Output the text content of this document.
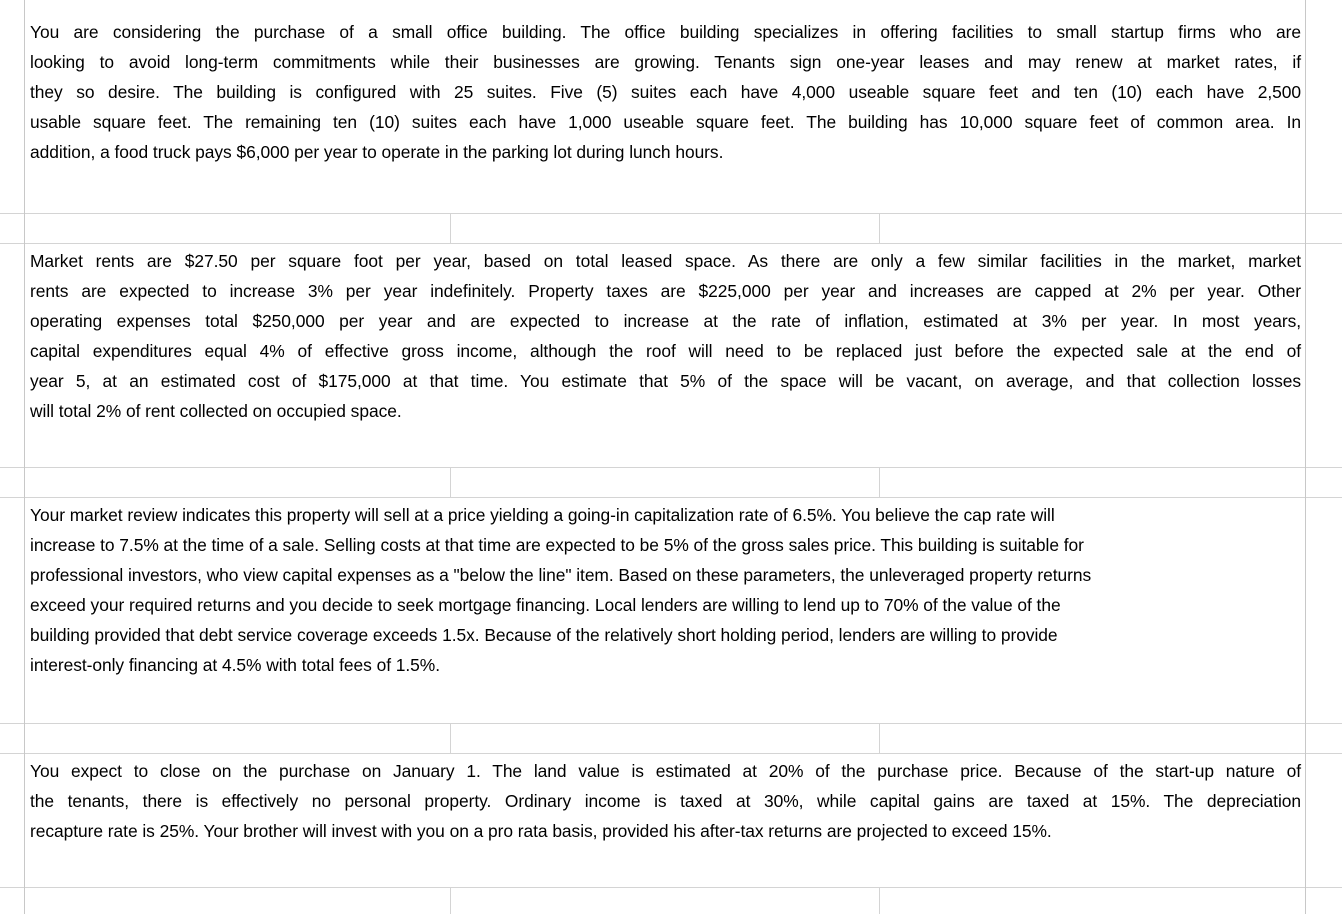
You are considering the purchase of a small office building. The office building specializes in offering facilities to small startup firms who are
looking to avoid long-term commitments while their businesses are growing. Tenants sign one-year leases and may renew at market rates, if
they so desire. The building is configured with 25 suites. Five (5) suites each have 4,000 useable square feet and ten (10) each have 2,500
usable square feet. The remaining ten (10) suites each have 1,000 useable square feet. The building has 10,000 square feet of common area. In
addition, a food truck pays $6,000 per year to operate in the parking lot during lunch hours.

Market rents are $27.50 per square foot per year, based on total leased space. As there are only a few similar facilities in the market, market
rents are expected to increase 3% per year indefinitely. Property taxes are $225,000 per year and increases are capped at 2% per year. Other
operating expenses total $250,000 per year and are expected to increase at the rate of inflation, estimated at 3% per year. In most years,
capital expenditures equal 4% of effective gross income, although the roof will need to be replaced just before the expected sale at the end of
year 5, at an estimated cost of $175,000 at that time. You estimate that 5% of the space will be vacant, on average, and that collection losses
will total 2% of rent collected on occupied space.

Your market review indicates this property will sell at a price yielding a going-in capitalization rate of 6.5%. You believe the cap rate will
increase to 7.5% at the time of a sale. Selling costs at that time are expected to be 5% of the gross sales price. This building is suitable for
professional investors, who view capital expenses as a "below the line" item. Based on these parameters, the unleveraged property returns
exceed your required returns and you decide to seek mortgage financing. Local lenders are willing to lend up to 70% of the value of the
building provided that debt service coverage exceeds 1.5x. Because of the relatively short holding period, lenders are willing to provide
interest-only financing at 4.5% with total fees of 1.5%.

You expect to close on the purchase on January 1. The land value is estimated at 20% of the purchase price. Because of the start-up nature of
the tenants, there is effectively no personal property. Ordinary income is taxed at 30%, while capital gains are taxed at 15%. The depreciation
recapture rate is 25%. Your brother will invest with you on a pro rata basis, provided his after-tax returns are projected to exceed 15%.
